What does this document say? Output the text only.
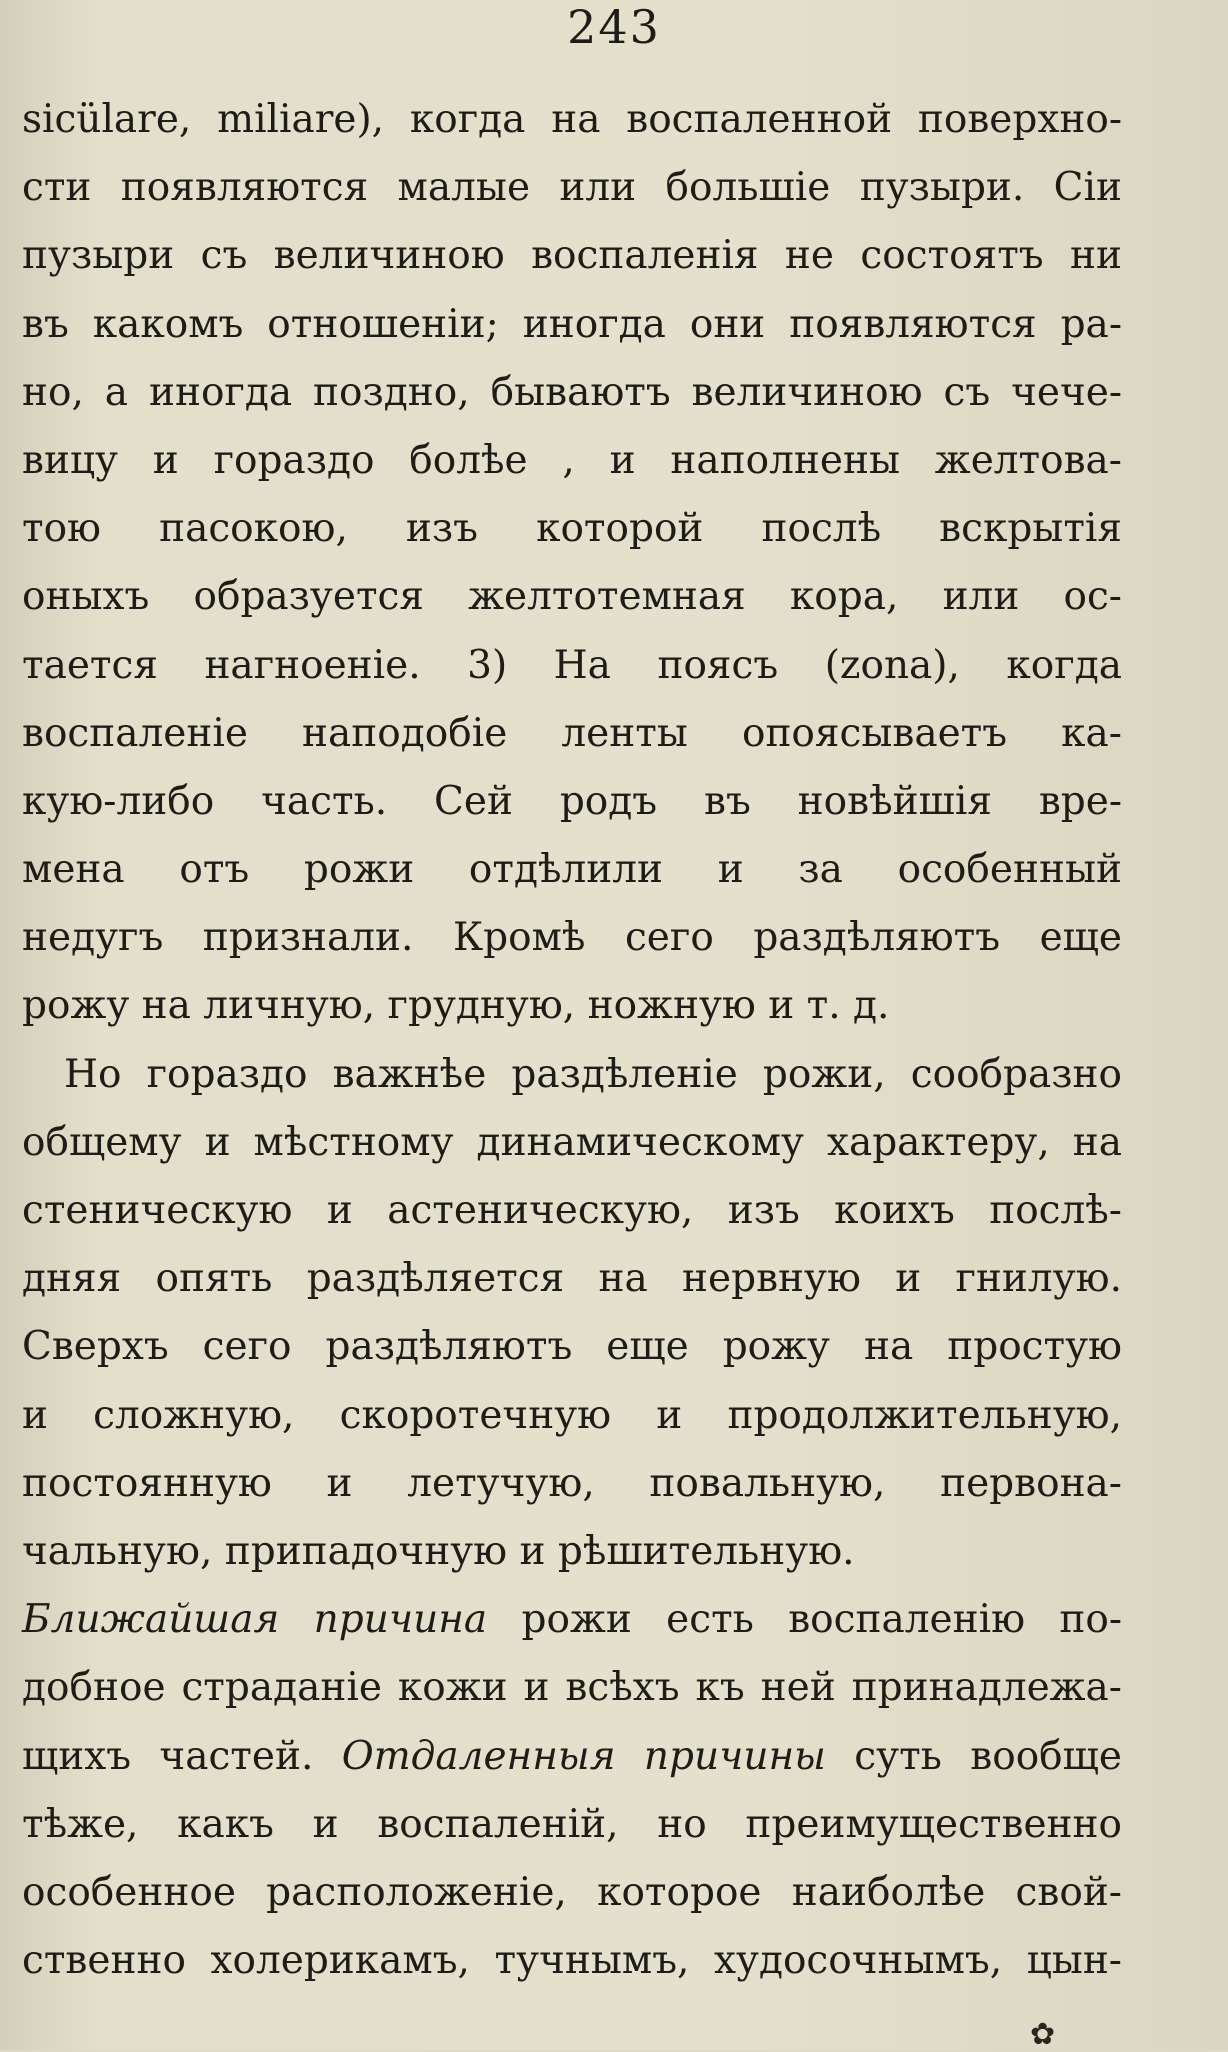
243
sicülare, miliare), когда на воспаленной поверхно-
сти появляются малые или большіе пузыри. Сіи
пузыри съ величиною воспаленія не состоятъ ни
въ какомъ отношеніи; иногда они появляются ра-
но, а иногда поздно, бываютъ величиною съ чече-
вицу и гораздо болѣе , и наполнены желтова-
тою пасокою, изъ которой послѣ вскрытія
оныхъ образуется желтотемная кора, или ос-
тается нагноеніе. 3) На поясъ (zona), когда
воспаленіе наподобіе ленты опоясываетъ ка-
кую-либо часть. Сей родъ въ новѣйшія вре-
мена отъ рожи отдѣлили и за особенный
недугъ признали. Кромѣ сего раздѣляютъ еще
рожу на личную, грудную, ножную и т. д.
Но гораздо важнѣе раздѣленіе рожи, сообразно
общему и мѣстному динамическому характеру, на
стеническую и астеническую, изъ коихъ послѣ-
дняя опять раздѣляется на нервную и гнилую.
Сверхъ сего раздѣляютъ еще рожу на простую
и сложную, скоротечную и продолжительную,
постоянную и летучую, повальную, первона-
чальную, припадочную и рѣшительную.
Ближайшая причина рожи есть воспаленію по-
добное страданіе кожи и всѣхъ къ ней принадлежа-
щихъ частей. Отдаленныя причины суть вообще
тѣже, какъ и воспаленій, но преимущественно
особенное расположеніе, которое наиболѣе свой-
ственно холерикамъ, тучнымъ, худосочнымъ, цын-
✿
